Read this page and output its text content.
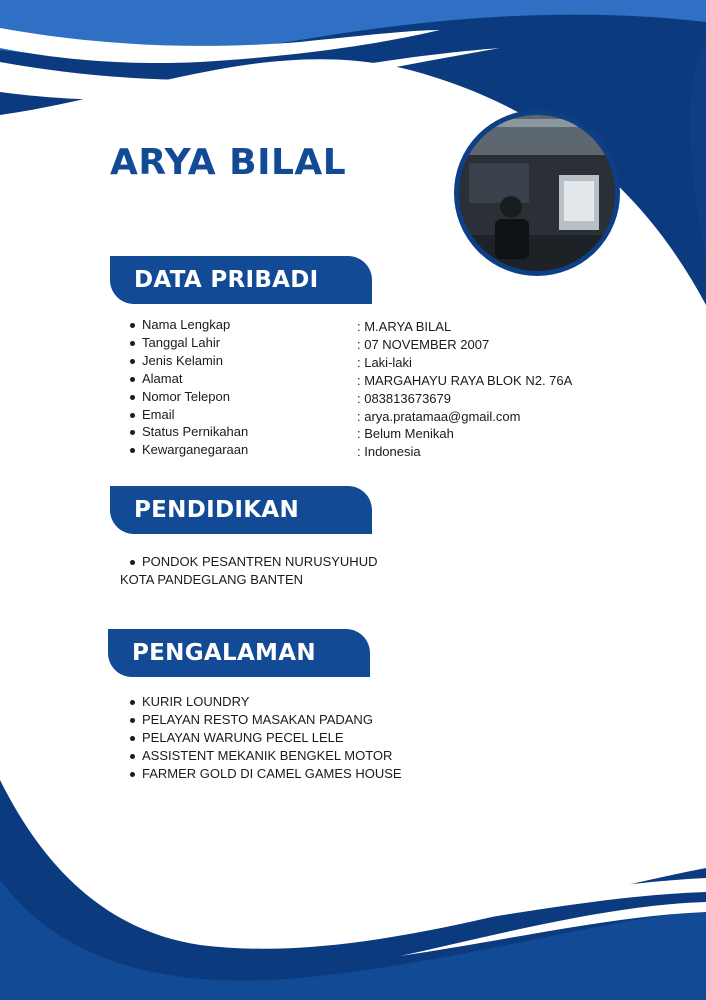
ARYA BILAL
DATA PRIBADI
Nama Lengkap
Tanggal Lahir
Jenis Kelamin
Alamat
Nomor Telepon
Email
Status Pernikahan
Kewarganegaraan
: M.ARYA BILAL
: 07 NOVEMBER 2007
: Laki-laki
: MARGAHAYU RAYA BLOK N2. 76A
: 083813673679
: arya.pratamaa@gmail.com
: Belum Menikah
: Indonesia
PENDIDIKAN
PONDOK PESANTREN NURUSYUHUD
KOTA PANDEGLANG BANTEN
PENGALAMAN
KURIR LOUNDRY
PELAYAN RESTO MASAKAN PADANG
PELAYAN WARUNG PECEL LELE
ASSISTENT MEKANIK BENGKEL MOTOR
FARMER GOLD DI CAMEL GAMES HOUSE
